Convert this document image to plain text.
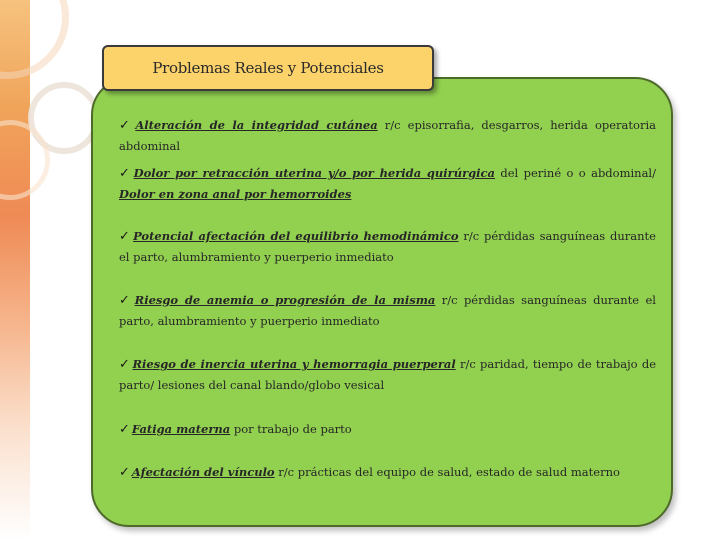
Problemas Reales y Potenciales
✓ Alteración de la integridad cutánea r/c episorrafia, desgarros, herida operatoria abdominal
✓ Dolor por retracción uterina y/o por herida quirúrgica del periné o o abdominal/ Dolor en zona anal por hemorroides
✓ Potencial afectación del equilibrio hemodinámico r/c pérdidas sanguíneas durante el parto, alumbramiento y puerperio inmediato
✓ Riesgo de anemia o progresión de la misma r/c pérdidas sanguíneas durante el parto, alumbramiento y puerperio inmediato
✓ Riesgo de inercia uterina y hemorragia puerperal r/c paridad, tiempo de trabajo de parto/ lesiones del canal blando/globo vesical
✓ Fatiga materna por trabajo de parto
✓ Afectación del vínculo r/c prácticas del equipo de salud, estado de salud materno
